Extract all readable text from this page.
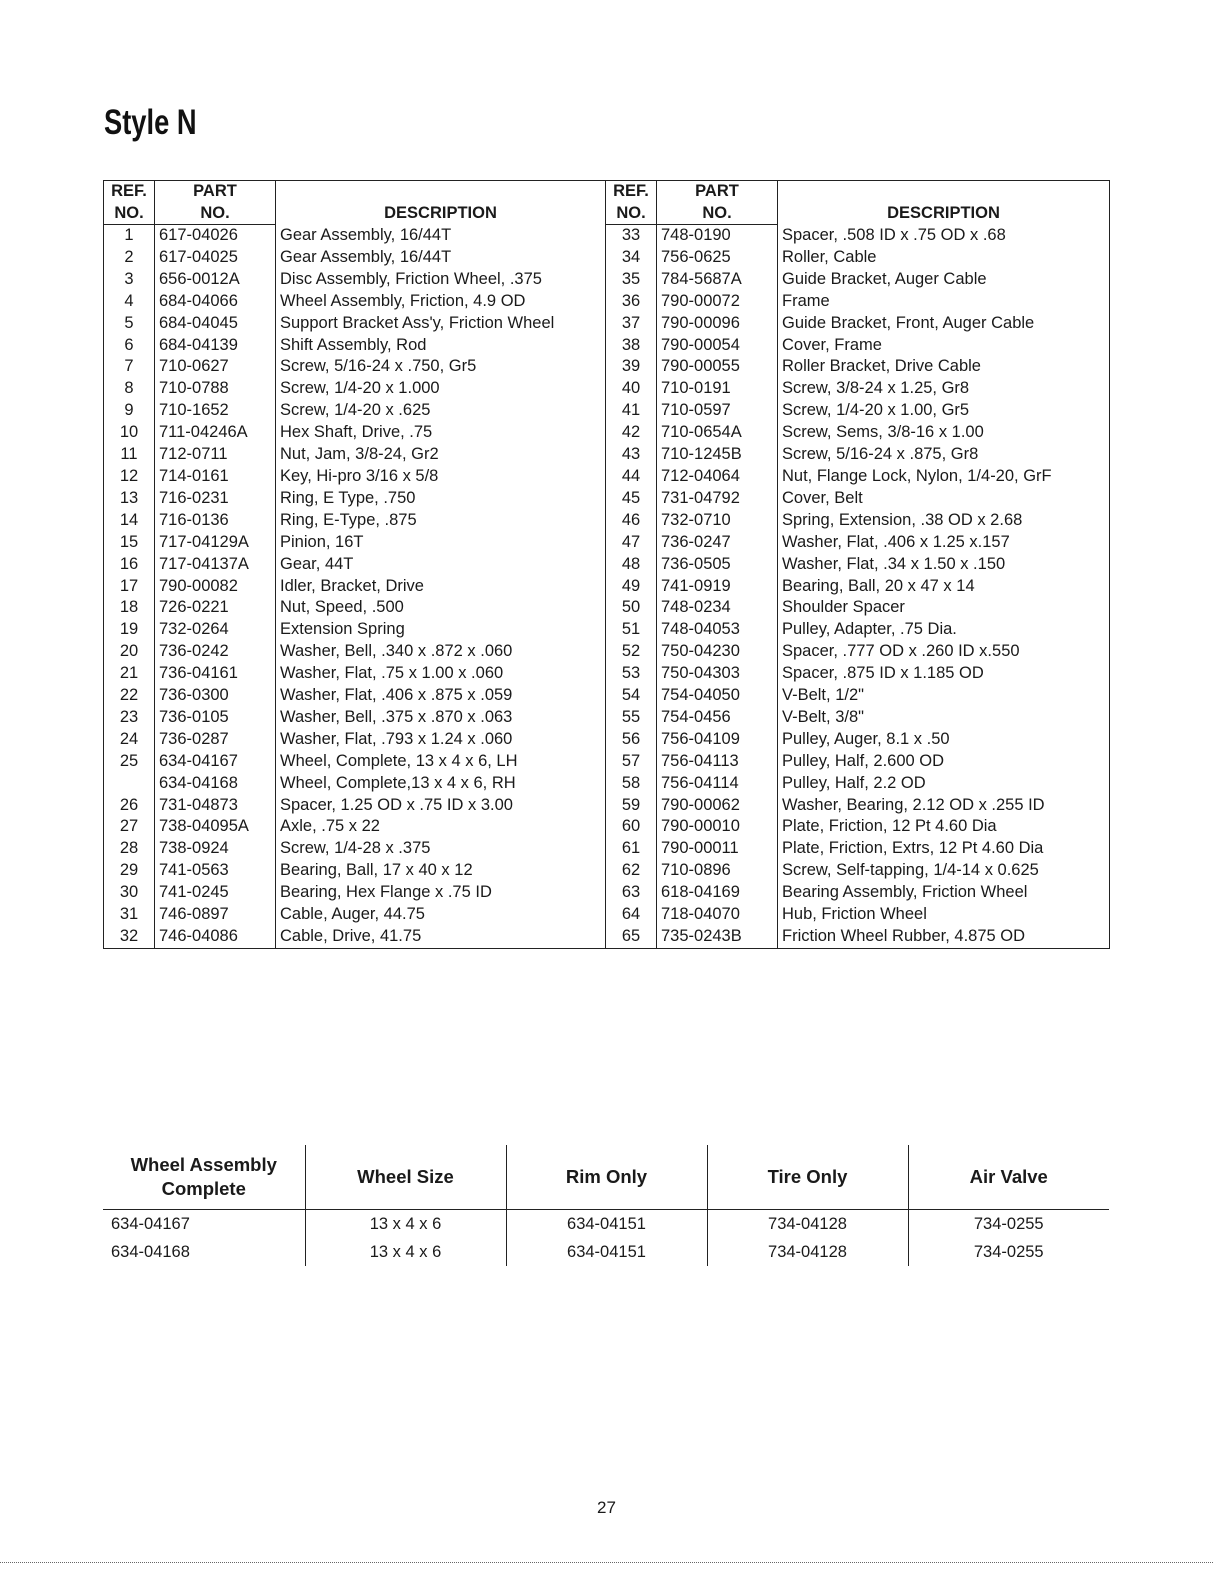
Style N
REF.	PART	DESCRIPTION	REF.	PART	DESCRIPTION
NO.	NO.		NO.	NO.	
1	617-04026	Gear Assembly, 16/44T	33	748-0190	Spacer, .508 ID x .75 OD x .68
2	617-04025	Gear Assembly, 16/44T	34	756-0625	Roller, Cable
3	656-0012A	Disc Assembly, Friction Wheel, .375	35	784-5687A	Guide Bracket, Auger Cable
4	684-04066	Wheel Assembly, Friction, 4.9 OD	36	790-00072	Frame
5	684-04045	Support Bracket Ass'y, Friction Wheel	37	790-00096	Guide Bracket, Front, Auger Cable
6	684-04139	Shift Assembly, Rod	38	790-00054	Cover, Frame
7	710-0627	Screw, 5/16-24 x .750, Gr5	39	790-00055	Roller Bracket, Drive Cable
8	710-0788	Screw, 1/4-20 x 1.000	40	710-0191	Screw, 3/8-24 x 1.25, Gr8
9	710-1652	Screw, 1/4-20 x .625	41	710-0597	Screw, 1/4-20 x 1.00, Gr5
10	711-04246A	Hex Shaft, Drive, .75	42	710-0654A	Screw, Sems, 3/8-16 x 1.00
11	712-0711	Nut, Jam, 3/8-24, Gr2	43	710-1245B	Screw, 5/16-24 x .875, Gr8
12	714-0161	Key, Hi-pro 3/16 x 5/8	44	712-04064	Nut, Flange Lock, Nylon, 1/4-20, GrF
13	716-0231	Ring, E Type, .750	45	731-04792	Cover, Belt
14	716-0136	Ring, E-Type, .875	46	732-0710	Spring, Extension, .38 OD x 2.68
15	717-04129A	Pinion, 16T	47	736-0247	Washer, Flat, .406 x 1.25 x.157
16	717-04137A	Gear, 44T	48	736-0505	Washer, Flat, .34 x 1.50 x .150
17	790-00082	Idler, Bracket, Drive	49	741-0919	Bearing, Ball, 20 x 47 x 14
18	726-0221	Nut, Speed, .500	50	748-0234	Shoulder Spacer
19	732-0264	Extension Spring	51	748-04053	Pulley, Adapter, .75 Dia.
20	736-0242	Washer, Bell, .340 x .872 x .060	52	750-04230	Spacer, .777 OD x .260 ID x.550
21	736-04161	Washer, Flat, .75 x 1.00 x .060	53	750-04303	Spacer, .875 ID x 1.185 OD
22	736-0300	Washer, Flat, .406 x .875 x .059	54	754-04050	V-Belt, 1/2"
23	736-0105	Washer, Bell, .375 x .870 x .063	55	754-0456	V-Belt, 3/8"
24	736-0287	Washer, Flat, .793 x 1.24 x .060	56	756-04109	Pulley, Auger, 8.1 x .50
25	634-04167	Wheel, Complete, 13 x 4 x 6, LH	57	756-04113	Pulley, Half, 2.600 OD
	634-04168	Wheel, Complete,13 x 4 x 6, RH	58	756-04114	Pulley, Half, 2.2 OD
26	731-04873	Spacer, 1.25 OD x .75 ID x 3.00	59	790-00062	Washer, Bearing, 2.12 OD x .255 ID
27	738-04095A	Axle, .75 x 22	60	790-00010	Plate, Friction, 12 Pt 4.60 Dia
28	738-0924	Screw, 1/4-28 x .375	61	790-00011	Plate, Friction, Extrs, 12 Pt 4.60 Dia
29	741-0563	Bearing, Ball, 17 x 40 x 12	62	710-0896	Screw, Self-tapping, 1/4-14 x 0.625
30	741-0245	Bearing, Hex Flange x .75 ID	63	618-04169	Bearing Assembly, Friction Wheel
31	746-0897	Cable, Auger, 44.75	64	718-04070	Hub, Friction Wheel
32	746-04086	Cable, Drive, 41.75	65	735-0243B	Friction Wheel Rubber, 4.875 OD
Wheel Assembly
Complete	Wheel Size	Rim Only	Tire Only	Air Valve
634-04167	13 x 4 x 6	634-04151	734-04128	734-0255
634-04168	13 x 4 x 6	634-04151	734-04128	734-0255
27
